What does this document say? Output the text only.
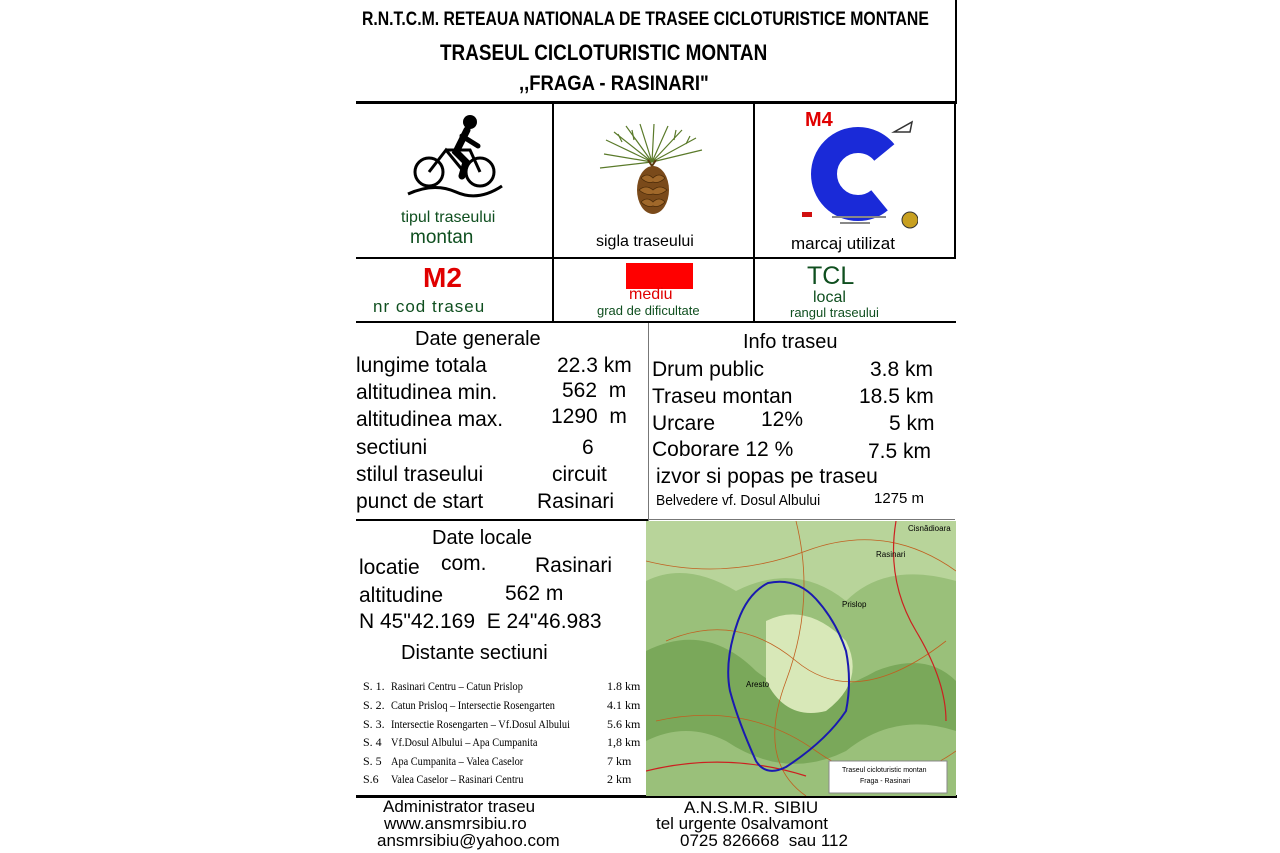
R.N.T.C.M. RETEAUA NATIONALA DE TRASEE CICLOTURISTICE MONTANE
TRASEUL CICLOTURISTIC MONTAN
,,FRAGA - RASINARI"
tipul traseului
montan	sigla traseului
M4
marcaj utilizat
M2
nr cod traseu
mediu
grad de dificultate
TCL
local
rangul traseului
Date generale
lungime totala	22.3 km
altitudinea min.	562  m
altitudinea max. 1290  m
sectiuni	6
stilul traseului	circuit
punct de start	Rasinari
Info traseu
Drum public	3.8 km
Traseu montan	18.5 km
Urcare 12%	5 km
Coborare 12 %	7.5 km
izvor si popas pe traseu
Belvedere vf. Dosul Albului	1275 m
Date locale
locatie com. Rasinari
altitudine	562 m
N 45"42.169  E 24"46.983
Distante sectiuni
S. 1. Rasinari Centru – Catun Prislop	1.8 km
S. 2. Catun Prisloq – Intersectie Rosengarten	4.1 km
S. 3. Intersectie Rosengarten – Vf.Dosul Albului	5.6 km
S. 4 Vf.Dosul Albului – Apa Cumpanita	1,8 km
S. 5 Apa Cumpanita – Valea Caselor	7 km
S.6 Valea Caselor – Rasinari Centru	2 km
Cisnădioara
Prislop
Rasinari
Aresto
Traseul cicloturistic montan
Fraga - Rasinari
Administrator traseu
www.ansmrsibiu.ro
ansmrsibiu@yahoo.com
A.N.S.M.R. SIBIU
tel urgente 0salvamont
0725 826668  sau 112
